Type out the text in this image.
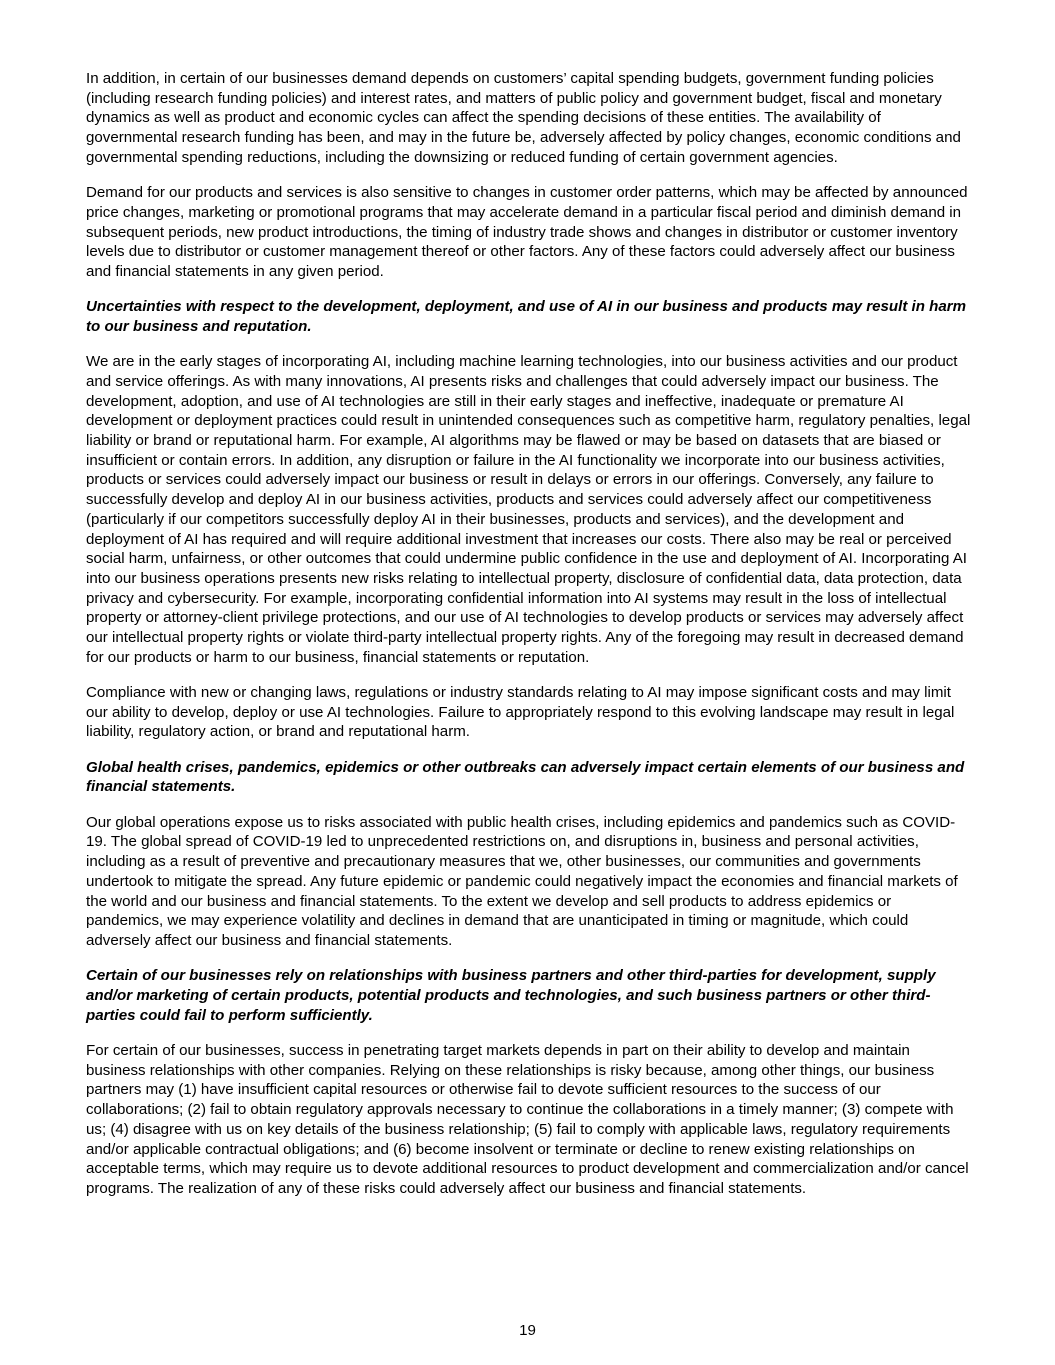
In addition, in certain of our businesses demand depends on customers’ capital spending budgets, government funding policies (including research funding policies) and interest rates, and matters of public policy and government budget, fiscal and monetary dynamics as well as product and economic cycles can affect the spending decisions of these entities. The availability of governmental research funding has been, and may in the future be, adversely affected by policy changes, economic conditions and governmental spending reductions, including the downsizing or reduced funding of certain government agencies.

Demand for our products and services is also sensitive to changes in customer order patterns, which may be affected by announced price changes, marketing or promotional programs that may accelerate demand in a particular fiscal period and diminish demand in subsequent periods, new product introductions, the timing of industry trade shows and changes in distributor or customer inventory levels due to distributor or customer management thereof or other factors. Any of these factors could adversely affect our business and financial statements in any given period.

Uncertainties with respect to the development, deployment, and use of AI in our business and products may result in harm to our business and reputation.

We are in the early stages of incorporating AI, including machine learning technologies, into our business activities and our product and service offerings. As with many innovations, AI presents risks and challenges that could adversely impact our business. The development, adoption, and use of AI technologies are still in their early stages and ineffective, inadequate or premature AI development or deployment practices could result in unintended consequences such as competitive harm, regulatory penalties, legal liability or brand or reputational harm. For example, AI algorithms may be flawed or may be based on datasets that are biased or insufficient or contain errors. In addition, any disruption or failure in the AI functionality we incorporate into our business activities, products or services could adversely impact our business or result in delays or errors in our offerings. Conversely, any failure to successfully develop and deploy AI in our business activities, products and services could adversely affect our competitiveness (particularly if our competitors successfully deploy AI in their businesses, products and services), and the development and deployment of AI has required and will require additional investment that increases our costs. There also may be real or perceived social harm, unfairness, or other outcomes that could undermine public confidence in the use and deployment of AI. Incorporating AI into our business operations presents new risks relating to intellectual property, disclosure of confidential data, data protection, data privacy and cybersecurity. For example, incorporating confidential information into AI systems may result in the loss of intellectual property or attorney-client privilege protections, and our use of AI technologies to develop products or services may adversely affect our intellectual property rights or violate third-party intellectual property rights. Any of the foregoing may result in decreased demand for our products or harm to our business, financial statements or reputation.

Compliance with new or changing laws, regulations or industry standards relating to AI may impose significant costs and may limit our ability to develop, deploy or use AI technologies. Failure to appropriately respond to this evolving landscape may result in legal liability, regulatory action, or brand and reputational harm.

Global health crises, pandemics, epidemics or other outbreaks can adversely impact certain elements of our business and financial statements.

Our global operations expose us to risks associated with public health crises, including epidemics and pandemics such as COVID-19. The global spread of COVID-19 led to unprecedented restrictions on, and disruptions in, business and personal activities, including as a result of preventive and precautionary measures that we, other businesses, our communities and governments undertook to mitigate the spread. Any future epidemic or pandemic could negatively impact the economies and financial markets of the world and our business and financial statements. To the extent we develop and sell products to address epidemics or pandemics, we may experience volatility and declines in demand that are unanticipated in timing or magnitude, which could adversely affect our business and financial statements.

Certain of our businesses rely on relationships with business partners and other third-parties for development, supply and/or marketing of certain products, potential products and technologies, and such business partners or other third-parties could fail to perform sufficiently.

For certain of our businesses, success in penetrating target markets depends in part on their ability to develop and maintain business relationships with other companies. Relying on these relationships is risky because, among other things, our business partners may (1) have insufficient capital resources or otherwise fail to devote sufficient resources to the success of our collaborations; (2) fail to obtain regulatory approvals necessary to continue the collaborations in a timely manner; (3) compete with us; (4) disagree with us on key details of the business relationship; (5) fail to comply with applicable laws, regulatory requirements and/or applicable contractual obligations; and (6) become insolvent or terminate or decline to renew existing relationships on acceptable terms, which may require us to devote additional resources to product development and commercialization and/or cancel programs. The realization of any of these risks could adversely affect our business and financial statements.

19
